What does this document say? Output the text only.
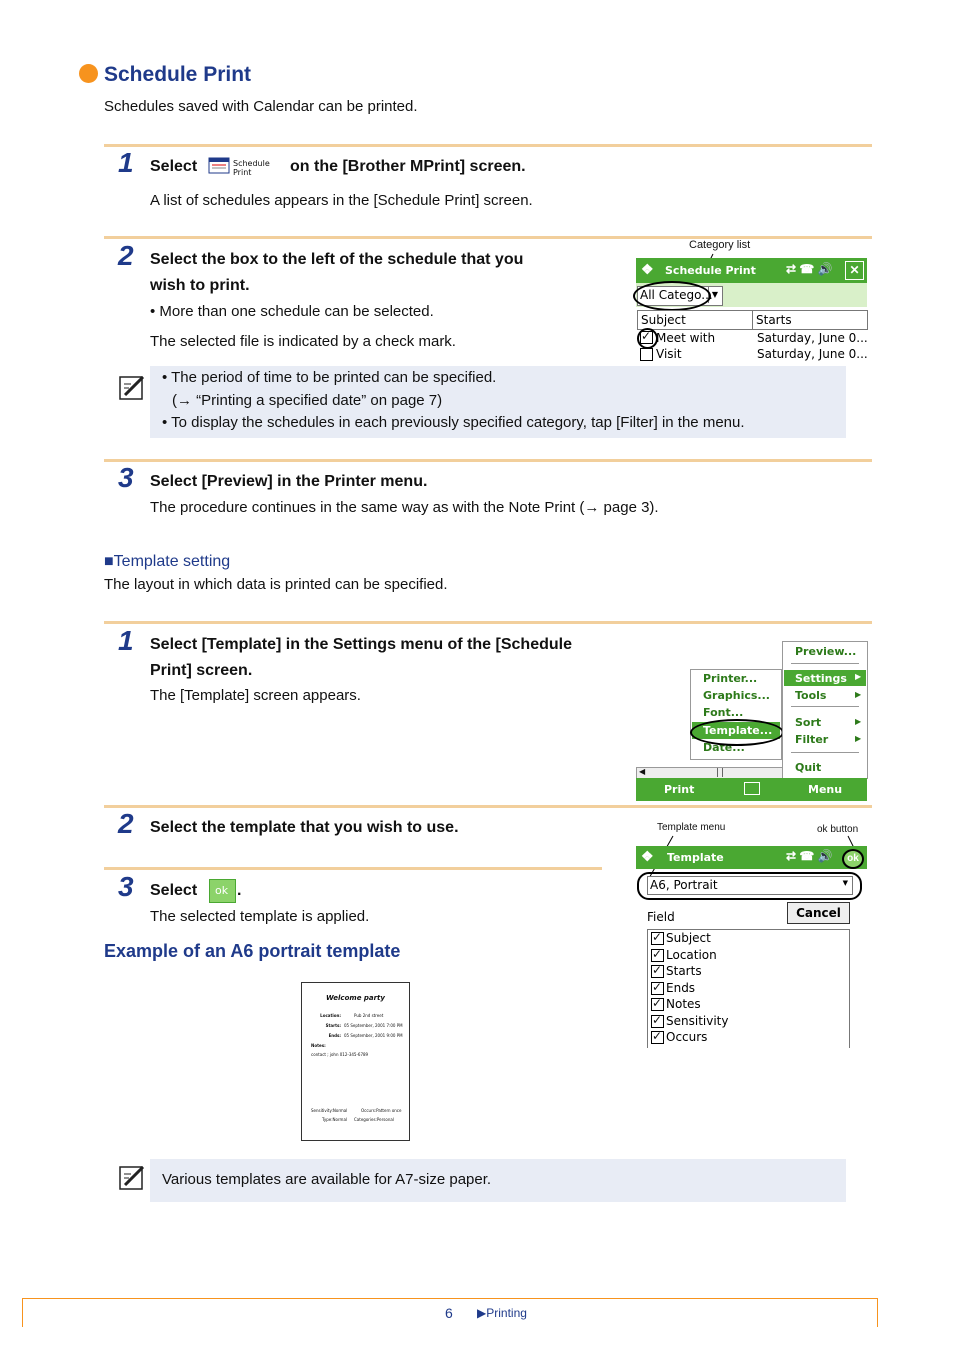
Schedule Print
Schedules saved with Calendar can be printed.
1 Select	Schedule Print	on the [Brother MPrint] screen.
A list of schedules appears in the [Schedule Print] screen.
2 Select the box to the left of the schedule that you
wish to print.
• More than one schedule can be selected.
The selected file is indicated by a check mark.
Category list
❖ Schedule Print	⇄ ☎ 🔊	✕
All Catego... ▼
Subject	Starts
✓
Meet with	Saturday, June 0...
Visit	Saturday, June 0...
• The period of time to be printed can be specified.
(→ “Printing a specified date” on page 7)
• To display the schedules in each previously specified category, tap [Filter] in the menu.
3 Select [Preview] in the Printer menu.
The procedure continues in the same way as with the Note Print (→ page 3).
■Template setting
The layout in which data is printed can be specified.
1 Select [Template] in the Settings menu of the [Schedule
Print] screen.
The [Template] screen appears.
Printer...
Graphics...
Font...
Template...
Date...
Preview...
Settings ▶
Tools	▶
Sort	▶
Filter	▶
Quit
◀
Print	Menu
2 Select the template that you wish to use.
3 Select ok .
The selected template is applied.
Template menu	ok button
❖ Template	⇄ ☎ 🔊	ok
A6, Portrait	▼
Cancel
Field
✓
Subject
✓
Location
✓
Starts
✓
Ends
✓
Notes
✓
Sensitivity
✓
Occurs
Example of an A6 portrait template
Welcome party
Location:	Pub 2nd street
Starts: 05 September, 2001 7:00 PM
Ends: 05 September, 2001 9:00 PM
Notes:
contact ; john 012-345-6789
Sensitivity:Normal	Occurs:Pattern once
Type:Normal Categories:Personal
Various templates are available for A7-size paper.
6 ▶Printing
